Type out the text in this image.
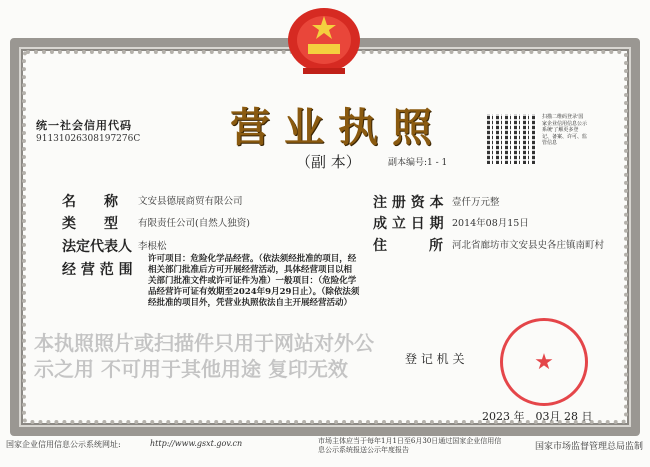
统一社会信用代码
91131026308197276C 营业执照
（副 本）	副本编号:1 - 1
扫描二维码登录'国家企业信用信息公示系统'了解更多登记、备案、许可、监管信息
名　　称 文安县德展商贸有限公司
类　　型 有限责任公司(自然人独资)
法定代表人 李根松
经 营 范 围
许可项目：危险化学品经营。（依法须经批准的项目，经相关部门批准后方可开展经营活动，具体经营项目以相关部门批准文件或许可证件为准）一般项目：（危险化学品经营许可证有效期至2024年9月29日止）。（除依法须经批准的项目外，凭营业执照依法自主开展经营活动）
注 册 资 本 壹仟万元整
成 立 日 期 2014年08月15日
住　　　所 河北省廊坊市文安县史各庄镇南町村
登 记 机 关	★
2023 年　03月 28 日
国家企业信用信息公示系统网址:	http://www.gsxt.gov.cn	市场主体应当于每年1月1日至6月30日通过国家企业信用信息公示系统报送公示年度报告	国家市场监督管理总局监制
本执照照片或扫描件只用于网站对外公示之用 不可用于其他用途 复印无效
